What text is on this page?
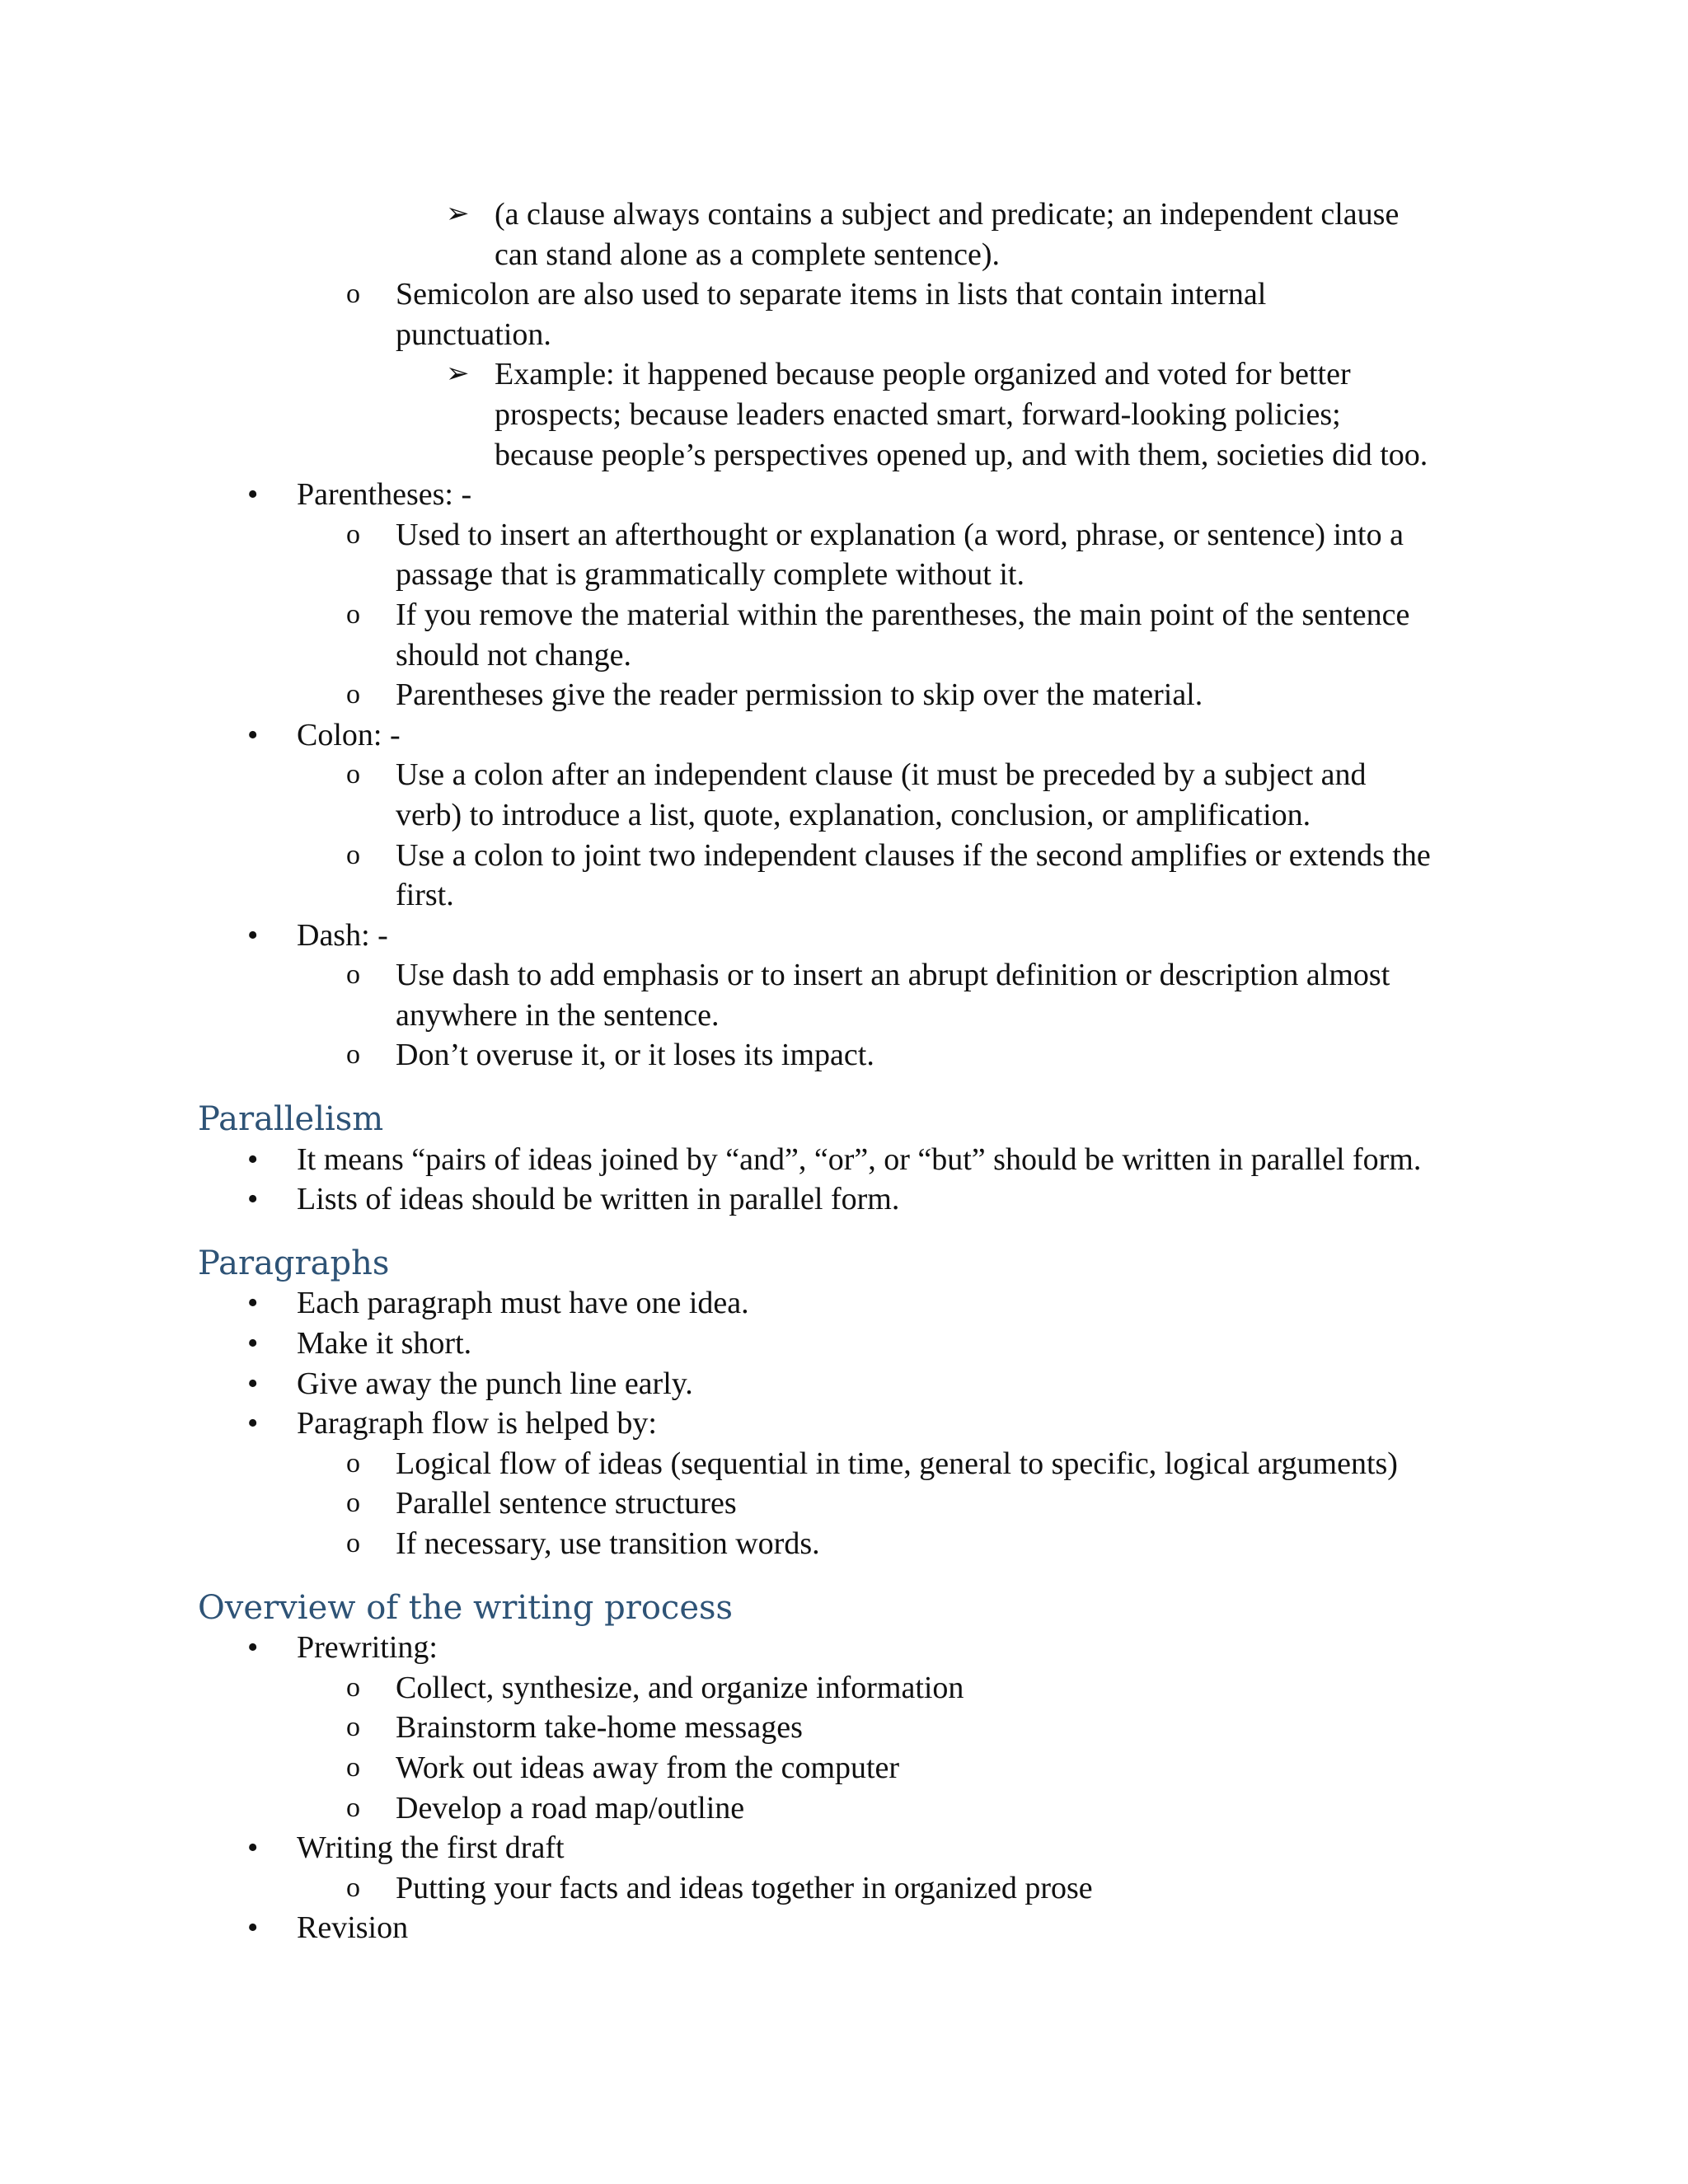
➢ (a clause always contains a subject and predicate; an independent clause
can stand alone as a complete sentence).
o Semicolon are also used to separate items in lists that contain internal
punctuation.
➢ Example: it happened because people organized and voted for better
prospects; because leaders enacted smart, forward-looking policies;
because people’s perspectives opened up, and with them, societies did too.
• Parentheses: -
o Used to insert an afterthought or explanation (a word, phrase, or sentence) into a
passage that is grammatically complete without it.
o If you remove the material within the parentheses, the main point of the sentence
should not change.
o Parentheses give the reader permission to skip over the material.
• Colon: -
o Use a colon after an independent clause (it must be preceded by a subject and
verb) to introduce a list, quote, explanation, conclusion, or amplification.
o Use a colon to joint two independent clauses if the second amplifies or extends the
first.
• Dash: -
o Use dash to add emphasis or to insert an abrupt definition or description almost
anywhere in the sentence.
o Don’t overuse it, or it loses its impact.
Parallelism
• It means “pairs of ideas joined by “and”, “or”, or “but” should be written in parallel form.
• Lists of ideas should be written in parallel form.
Paragraphs
• Each paragraph must have one idea.
• Make it short.
• Give away the punch line early.
• Paragraph flow is helped by:
o Logical flow of ideas (sequential in time, general to specific, logical arguments)
o Parallel sentence structures
o If necessary, use transition words.
Overview of the writing process
• Prewriting:
o Collect, synthesize, and organize information
o Brainstorm take-home messages
o Work out ideas away from the computer
o Develop a road map/outline
• Writing the first draft
o Putting your facts and ideas together in organized prose
• Revision
